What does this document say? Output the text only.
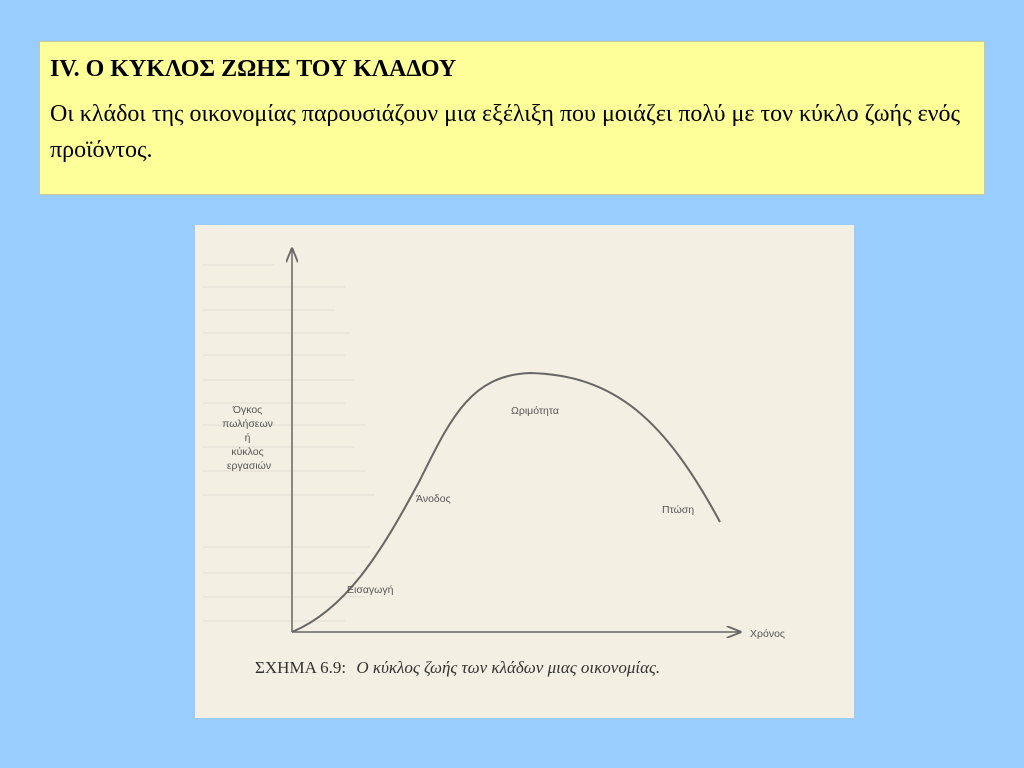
IV. Ο ΚΥΚΛΟΣ ΖΩΗΣ ΤΟΥ ΚΛΑΔΟΥ

Οι κλάδοι της οικονομίας παρουσιάζουν μια εξέλιξη που μοιάζει πολύ με τον κύκλο ζωής ενός προϊόντος.

Όγκος πωλήσεων ή κύκλος εργασιών
Εισαγωγή
Άνοδος
Ωριμότητα
Πτώση
Χρόνος
ΣΧΗΜΑ 6.9: Ο κύκλος ζωής των κλάδων μιας οικονομίας.
